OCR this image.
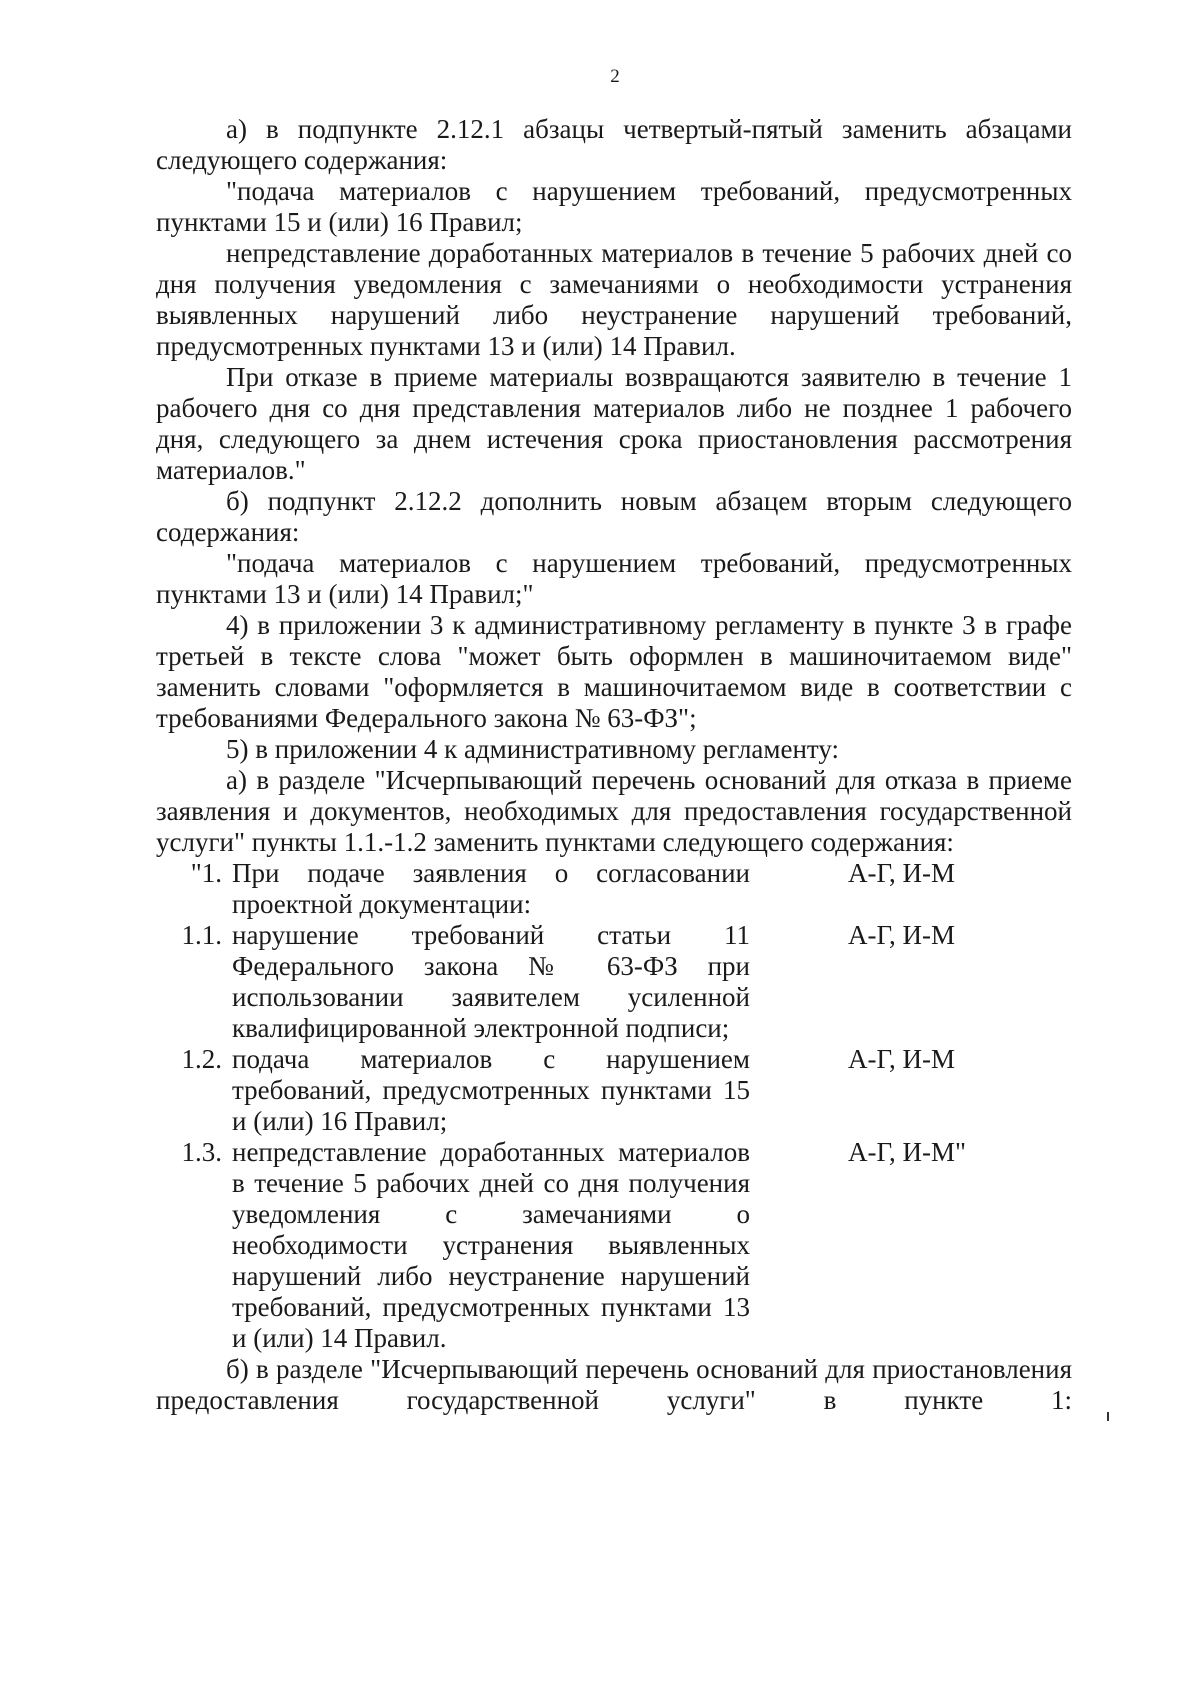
2

а) в подпункте 2.12.1 абзацы четвертый-пятый заменить абзацами следующего содержания:

"подача материалов с нарушением требований, предусмотренных пунктами 15 и (или) 16 Правил;

непредставление доработанных материалов в течение 5 рабочих дней со дня получения уведомления с замечаниями о необходимости устранения выявленных нарушений либо неустранение нарушений требований, предусмотренных пунктами 13 и (или) 14 Правил.

При отказе в приеме материалы возвращаются заявителю в течение 1 рабочего дня со дня представления материалов либо не позднее 1 рабочего дня, следующего за днем истечения срока приостановления рассмотрения материалов."

б) подпункт 2.12.2 дополнить новым абзацем вторым следующего содержания:

"подача материалов с нарушением требований, предусмотренных пунктами 13 и (или) 14 Правил;"

4) в приложении 3 к административному регламенту в пункте 3 в графе третьей в тексте слова "может быть оформлен в машиночитаемом виде" заменить словами "оформляется в машиночитаемом виде в соответствии с требованиями Федерального закона № 63-ФЗ";

5) в приложении 4 к административному регламенту:

а) в разделе "Исчерпывающий перечень оснований для отказа в приеме заявления и документов, необходимых для предоставления государственной услуги" пункты 1.1.-1.2 заменить пунктами следующего содержания:

"1.	При подаче заявления о согласовании проектной документации:	А-Г, И-М
1.1.	нарушение требований статьи 11 Федерального закона № 63-ФЗ при использовании заявителем усиленной квалифицированной электронной подписи;	А-Г, И-М
1.2.	подача материалов с нарушением требований, предусмотренных пунктами 15 и (или) 16 Правил;	А-Г, И-М
1.3.	непредставление доработанных материалов в течение 5 рабочих дней со дня получения уведомления с замечаниями о необходимости устранения выявленных нарушений либо неустранение нарушений требований, предусмотренных пунктами 13 и (или) 14 Правил.	А-Г, И-М"

б) в разделе "Исчерпывающий перечень оснований для приостановления предоставления государственной услуги" в пункте 1:
